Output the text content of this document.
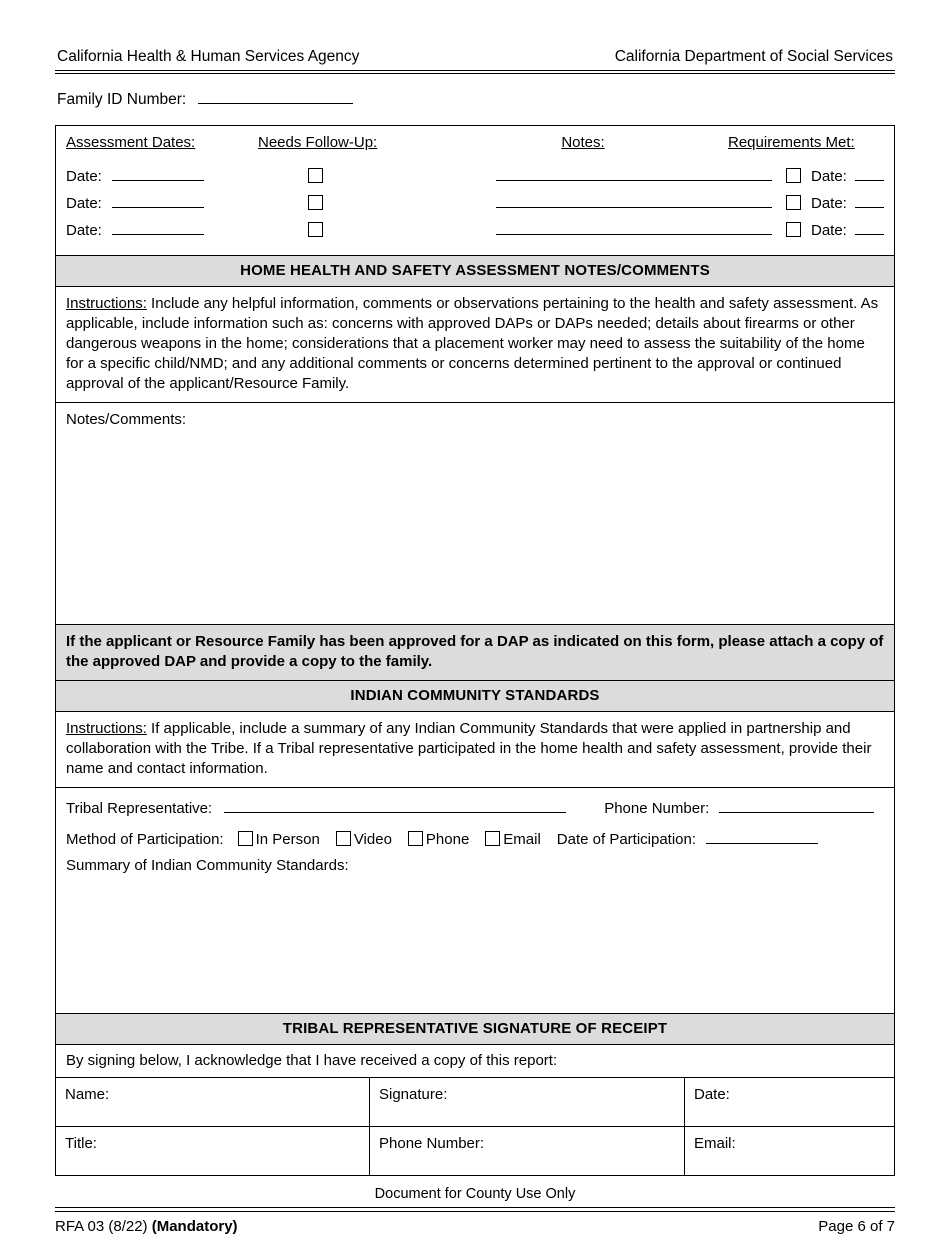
California Health & Human Services Agency	California Department of Social Services
Family ID Number:
Assessment Dates:	Needs Follow-Up:	Notes:	Requirements Met:
Date:	Date:
Date:	Date:
Date:	Date:
HOME HEALTH AND SAFETY ASSESSMENT NOTES/COMMENTS
Instructions: Include any helpful information, comments or observations pertaining to the health and safety assessment. As applicable, include information such as: concerns with approved DAPs or DAPs needed; details about firearms or other dangerous weapons in the home; considerations that a placement worker may need to assess the suitability of the home for a specific child/NMD; and any additional comments or concerns determined pertinent to the approval or continued approval of the applicant/Resource Family.
Notes/Comments:
If the applicant or Resource Family has been approved for a DAP as indicated on this form, please attach a copy of the approved DAP and provide a copy to the family.
INDIAN COMMUNITY STANDARDS
Instructions: If applicable, include a summary of any Indian Community Standards that were applied in partnership and collaboration with the Tribe. If a Tribal representative participated in the home health and safety assessment, provide their name and contact information.
Tribal Representative:	Phone Number:
Method of Participation: In Person Video Phone Email Date of Participation:
Summary of Indian Community Standards:
TRIBAL REPRESENTATIVE SIGNATURE OF RECEIPT
By signing below, I acknowledge that I have received a copy of this report:
Name:	Signature:	Date:
Title:	Phone Number:	Email:
Document for County Use Only
RFA 03 (8/22) (Mandatory)	Page 6 of 7
